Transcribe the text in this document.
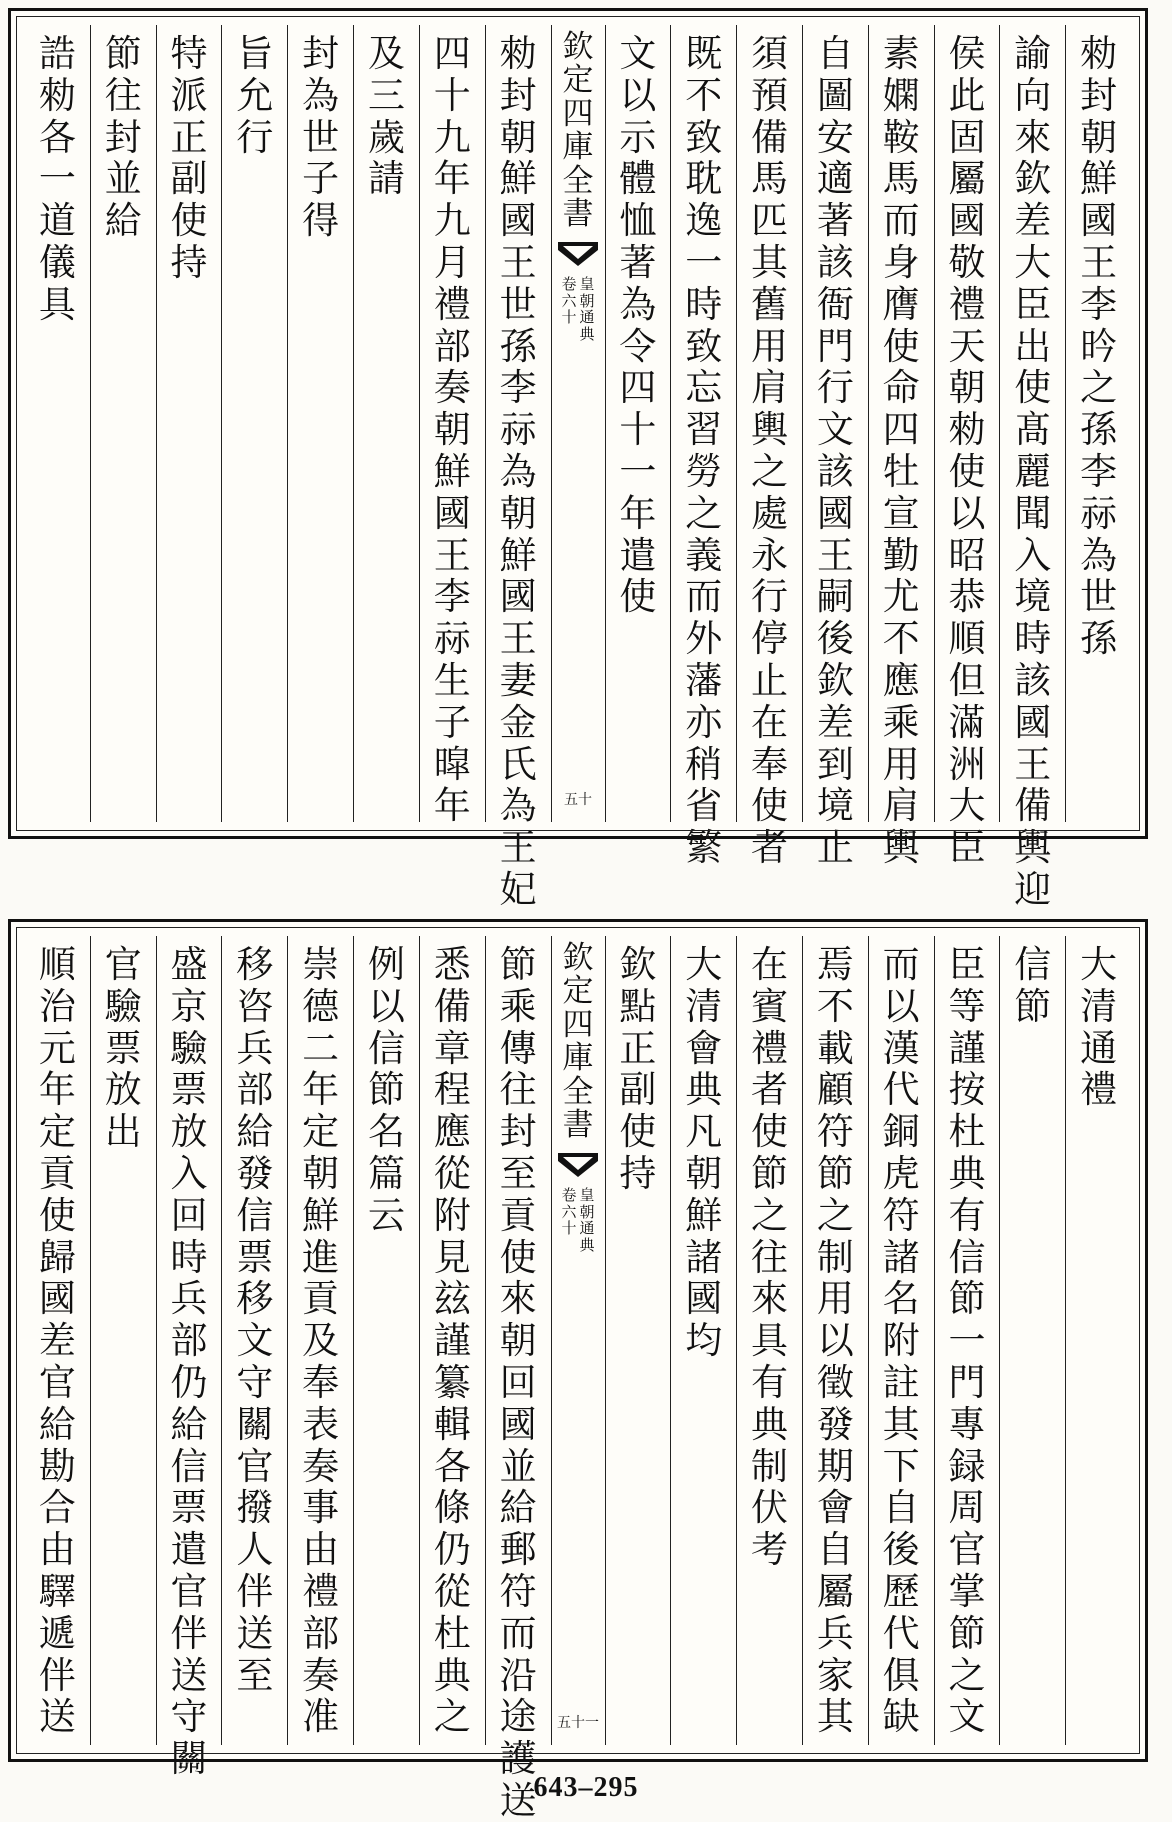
勑
封
朝
鮮
國
王
李
昑
之
孫
李
祘
為
世
孫
諭
向
來
欽
差
大
臣
出
使
髙
麗
聞
入
境
時
該
國
王
備
輿
迎
侯
此
固
屬
國
敬
禮
天
朝
勑
使
以
昭
恭
順
但
滿
洲
大
臣
素
嫻
鞍
馬
而
身
膺
使
命
四
牡
宣
勤
尤
不
應
乘
用
肩
輿
自
圖
安
適
著
該
衙
門
行
文
該
國
王
嗣
後
欽
差
到
境
止
須
預
備
馬
匹
其
舊
用
肩
輿
之
處
永
行
停
止
在
奉
使
者
既
不
致
耽
逸
一
時
致
忘
習
勞
之
義
而
外
藩
亦
稍
省
繁
文
以
示
體
恤
著
為
令
四
十
一
年
遣
使
欽定四庫全書
皇
朝
通
典
卷
六
十
五十
勑
封
朝
鮮
國
王
世
孫
李
祘
為
朝
鮮
國
王
妻
金
氏
為
王
妃
四
十
九
年
九
月
禮
部
奏
朝
鮮
國
王
李
祘
生
子
暭
年
及
三
歲
請
封
為
世
子
得
旨
允
行
特
派
正
副
使
持
節
往
封
並
給
誥
勑
各
一
道
儀
具
大
清
通
禮
信
節
臣
等
謹
按
杜
典
有
信
節
一
門
專
録
周
官
掌
節
之
文
而
以
漢
代
銅
虎
符
諸
名
附
註
其
下
自
後
歷
代
俱
缺
焉
不
載
顧
符
節
之
制
用
以
徵
發
期
會
自
屬
兵
家
其
在
賓
禮
者
使
節
之
往
來
具
有
典
制
伏
考
大
清
會
典
凡
朝
鮮
諸
國
均
欽
點
正
副
使
持
欽定四庫全書
皇
朝
通
典
卷
六
十
五十一
節
乘
傳
往
封
至
貢
使
來
朝
回
國
並
給
郵
符
而
沿
途
護
送
悉
備
章
程
應
從
附
見
玆
謹
纂
輯
各
條
仍
從
杜
典
之
例
以
信
節
名
篇
云
崇
德
二
年
定
朝
鮮
進
貢
及
奉
表
奏
事
由
禮
部
奏
准
移
咨
兵
部
給
發
信
票
移
文
守
關
官
撥
人
伴
送
至
盛
京
驗
票
放
入
回
時
兵
部
仍
給
信
票
遣
官
伴
送
守
關
官
驗
票
放
出
順
治
元
年
定
貢
使
歸
國
差
官
給
勘
合
由
驛
遞
伴
送
643–295
